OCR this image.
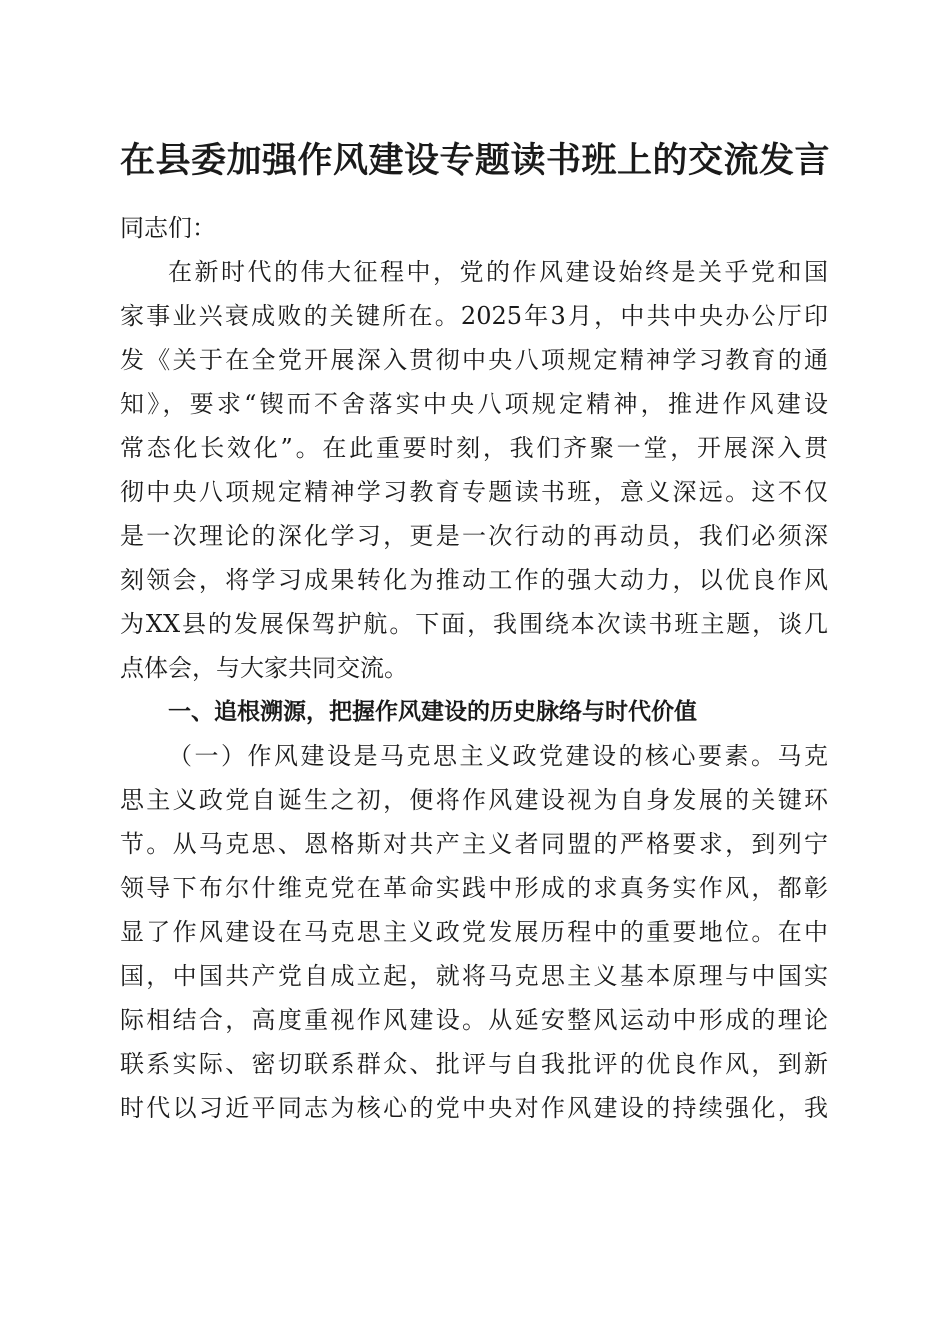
在县委加强作风建设专题读书班上的交流发言

同志们：

在新时代的伟大征程中，党的作风建设始终是关乎党和国

家事业兴衰成败的关键所在。2025年3月，中共中央办公厅印

发《关于在全党开展深入贯彻中央八项规定精神学习教育的通

知》，要求“锲而不舍落实中央八项规定精神，推进作风建设

常态化长效化”。在此重要时刻，我们齐聚一堂，开展深入贯

彻中央八项规定精神学习教育专题读书班，意义深远。这不仅

是一次理论的深化学习，更是一次行动的再动员，我们必须深

刻领会，将学习成果转化为推动工作的强大动力，以优良作风

为XX县的发展保驾护航。下面，我围绕本次读书班主题，谈几

点体会，与大家共同交流。

一、追根溯源，把握作风建设的历史脉络与时代价值

（一）作风建设是马克思主义政党建设的核心要素。马克

思主义政党自诞生之初，便将作风建设视为自身发展的关键环

节。从马克思、恩格斯对共产主义者同盟的严格要求，到列宁

领导下布尔什维克党在革命实践中形成的求真务实作风，都彰

显了作风建设在马克思主义政党发展历程中的重要地位。在中

国，中国共产党自成立起，就将马克思主义基本原理与中国实

际相结合，高度重视作风建设。从延安整风运动中形成的理论

联系实际、密切联系群众、批评与自我批评的优良作风，到新

时代以习近平同志为核心的党中央对作风建设的持续强化，我
